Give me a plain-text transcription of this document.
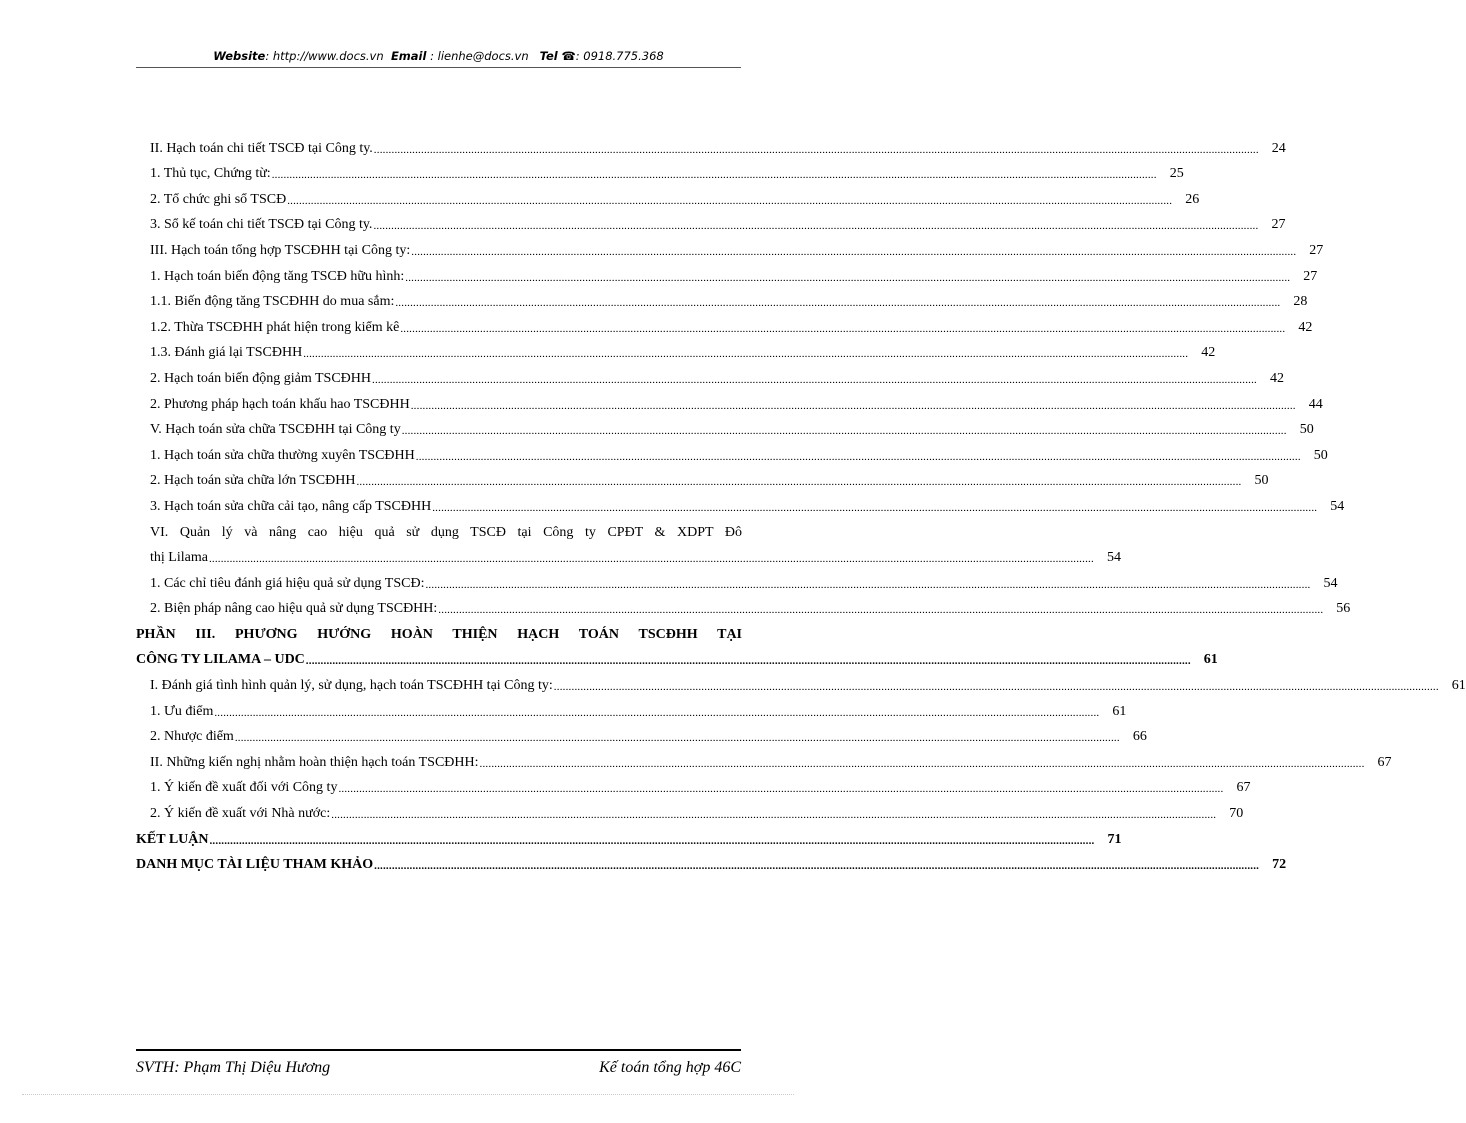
Website: http://www.docs.vn Email : lienhe@docs.vn Tel ☎: 0918.775.368
II. Hạch toán chi tiết TSCĐ tại Công ty. ............................................................................................................................................................................................................................................................................................................ 24
1. Thủ tục, Chứng từ: ............................................................................................................................................................................................................................................................................................................ 25
2. Tổ chức ghi sổ TSCĐ ............................................................................................................................................................................................................................................................................................................ 26
3. Sổ kế toán chi tiết TSCĐ tại Công ty. ............................................................................................................................................................................................................................................................................................................ 27
III. Hạch toán tổng hợp TSCĐHH tại Công ty: ............................................................................................................................................................................................................................................................................................................ 27
1. Hạch toán biến động tăng TSCĐ hữu hình: ............................................................................................................................................................................................................................................................................................................ 27
1.1. Biến động tăng TSCĐHH do mua sắm: ............................................................................................................................................................................................................................................................................................................ 28
1.2. Thừa TSCĐHH phát hiện trong kiểm kê ............................................................................................................................................................................................................................................................................................................ 42
1.3. Đánh giá lại TSCĐHH ............................................................................................................................................................................................................................................................................................................ 42
2. Hạch toán biến động giảm TSCĐHH ............................................................................................................................................................................................................................................................................................................ 42
2. Phương pháp hạch toán khấu hao TSCĐHH ............................................................................................................................................................................................................................................................................................................ 44
V. Hạch toán sửa chữa TSCĐHH tại Công ty ............................................................................................................................................................................................................................................................................................................ 50
1. Hạch toán sửa chữa thường xuyên TSCĐHH ............................................................................................................................................................................................................................................................................................................ 50
2. Hạch toán sửa chữa lớn TSCĐHH ............................................................................................................................................................................................................................................................................................................ 50
3. Hạch toán sửa chữa cải tạo, nâng cấp TSCĐHH ............................................................................................................................................................................................................................................................................................................ 54
VI. Quản lý và nâng cao hiệu quả sử dụng TSCĐ tại Công ty CPĐT & XDPT Đô
thị Lilama ............................................................................................................................................................................................................................................................................................................ 54
1. Các chỉ tiêu đánh giá hiệu quả sử dụng TSCĐ: ............................................................................................................................................................................................................................................................................................................ 54
2. Biện pháp nâng cao hiệu quả sử dụng TSCĐHH: ............................................................................................................................................................................................................................................................................................................ 56
PHẦN III. PHƯƠNG HƯỚNG HOÀN THIỆN HẠCH TOÁN TSCĐHH TẠI
CÔNG TY LILAMA – UDC ............................................................................................................................................................................................................................................................................................................ 61
I. Đánh giá tình hình quản lý, sử dụng, hạch toán TSCĐHH tại Công ty: ............................................................................................................................................................................................................................................................................................................ 61
1. Ưu điểm ............................................................................................................................................................................................................................................................................................................ 61
2. Nhược điểm ............................................................................................................................................................................................................................................................................................................ 66
II. Những kiến nghị nhằm hoàn thiện hạch toán TSCĐHH: ............................................................................................................................................................................................................................................................................................................ 67
1. Ý kiến đề xuất đối với Công ty ............................................................................................................................................................................................................................................................................................................ 67
2. Ý kiến đề xuất với Nhà nước: ............................................................................................................................................................................................................................................................................................................ 70
KẾT LUẬN ............................................................................................................................................................................................................................................................................................................ 71
DANH MỤC TÀI LIỆU THAM KHẢO ............................................................................................................................................................................................................................................................................................................ 72
SVTH: Phạm Thị Diệu Hương	Kế toán tổng hợp 46C
